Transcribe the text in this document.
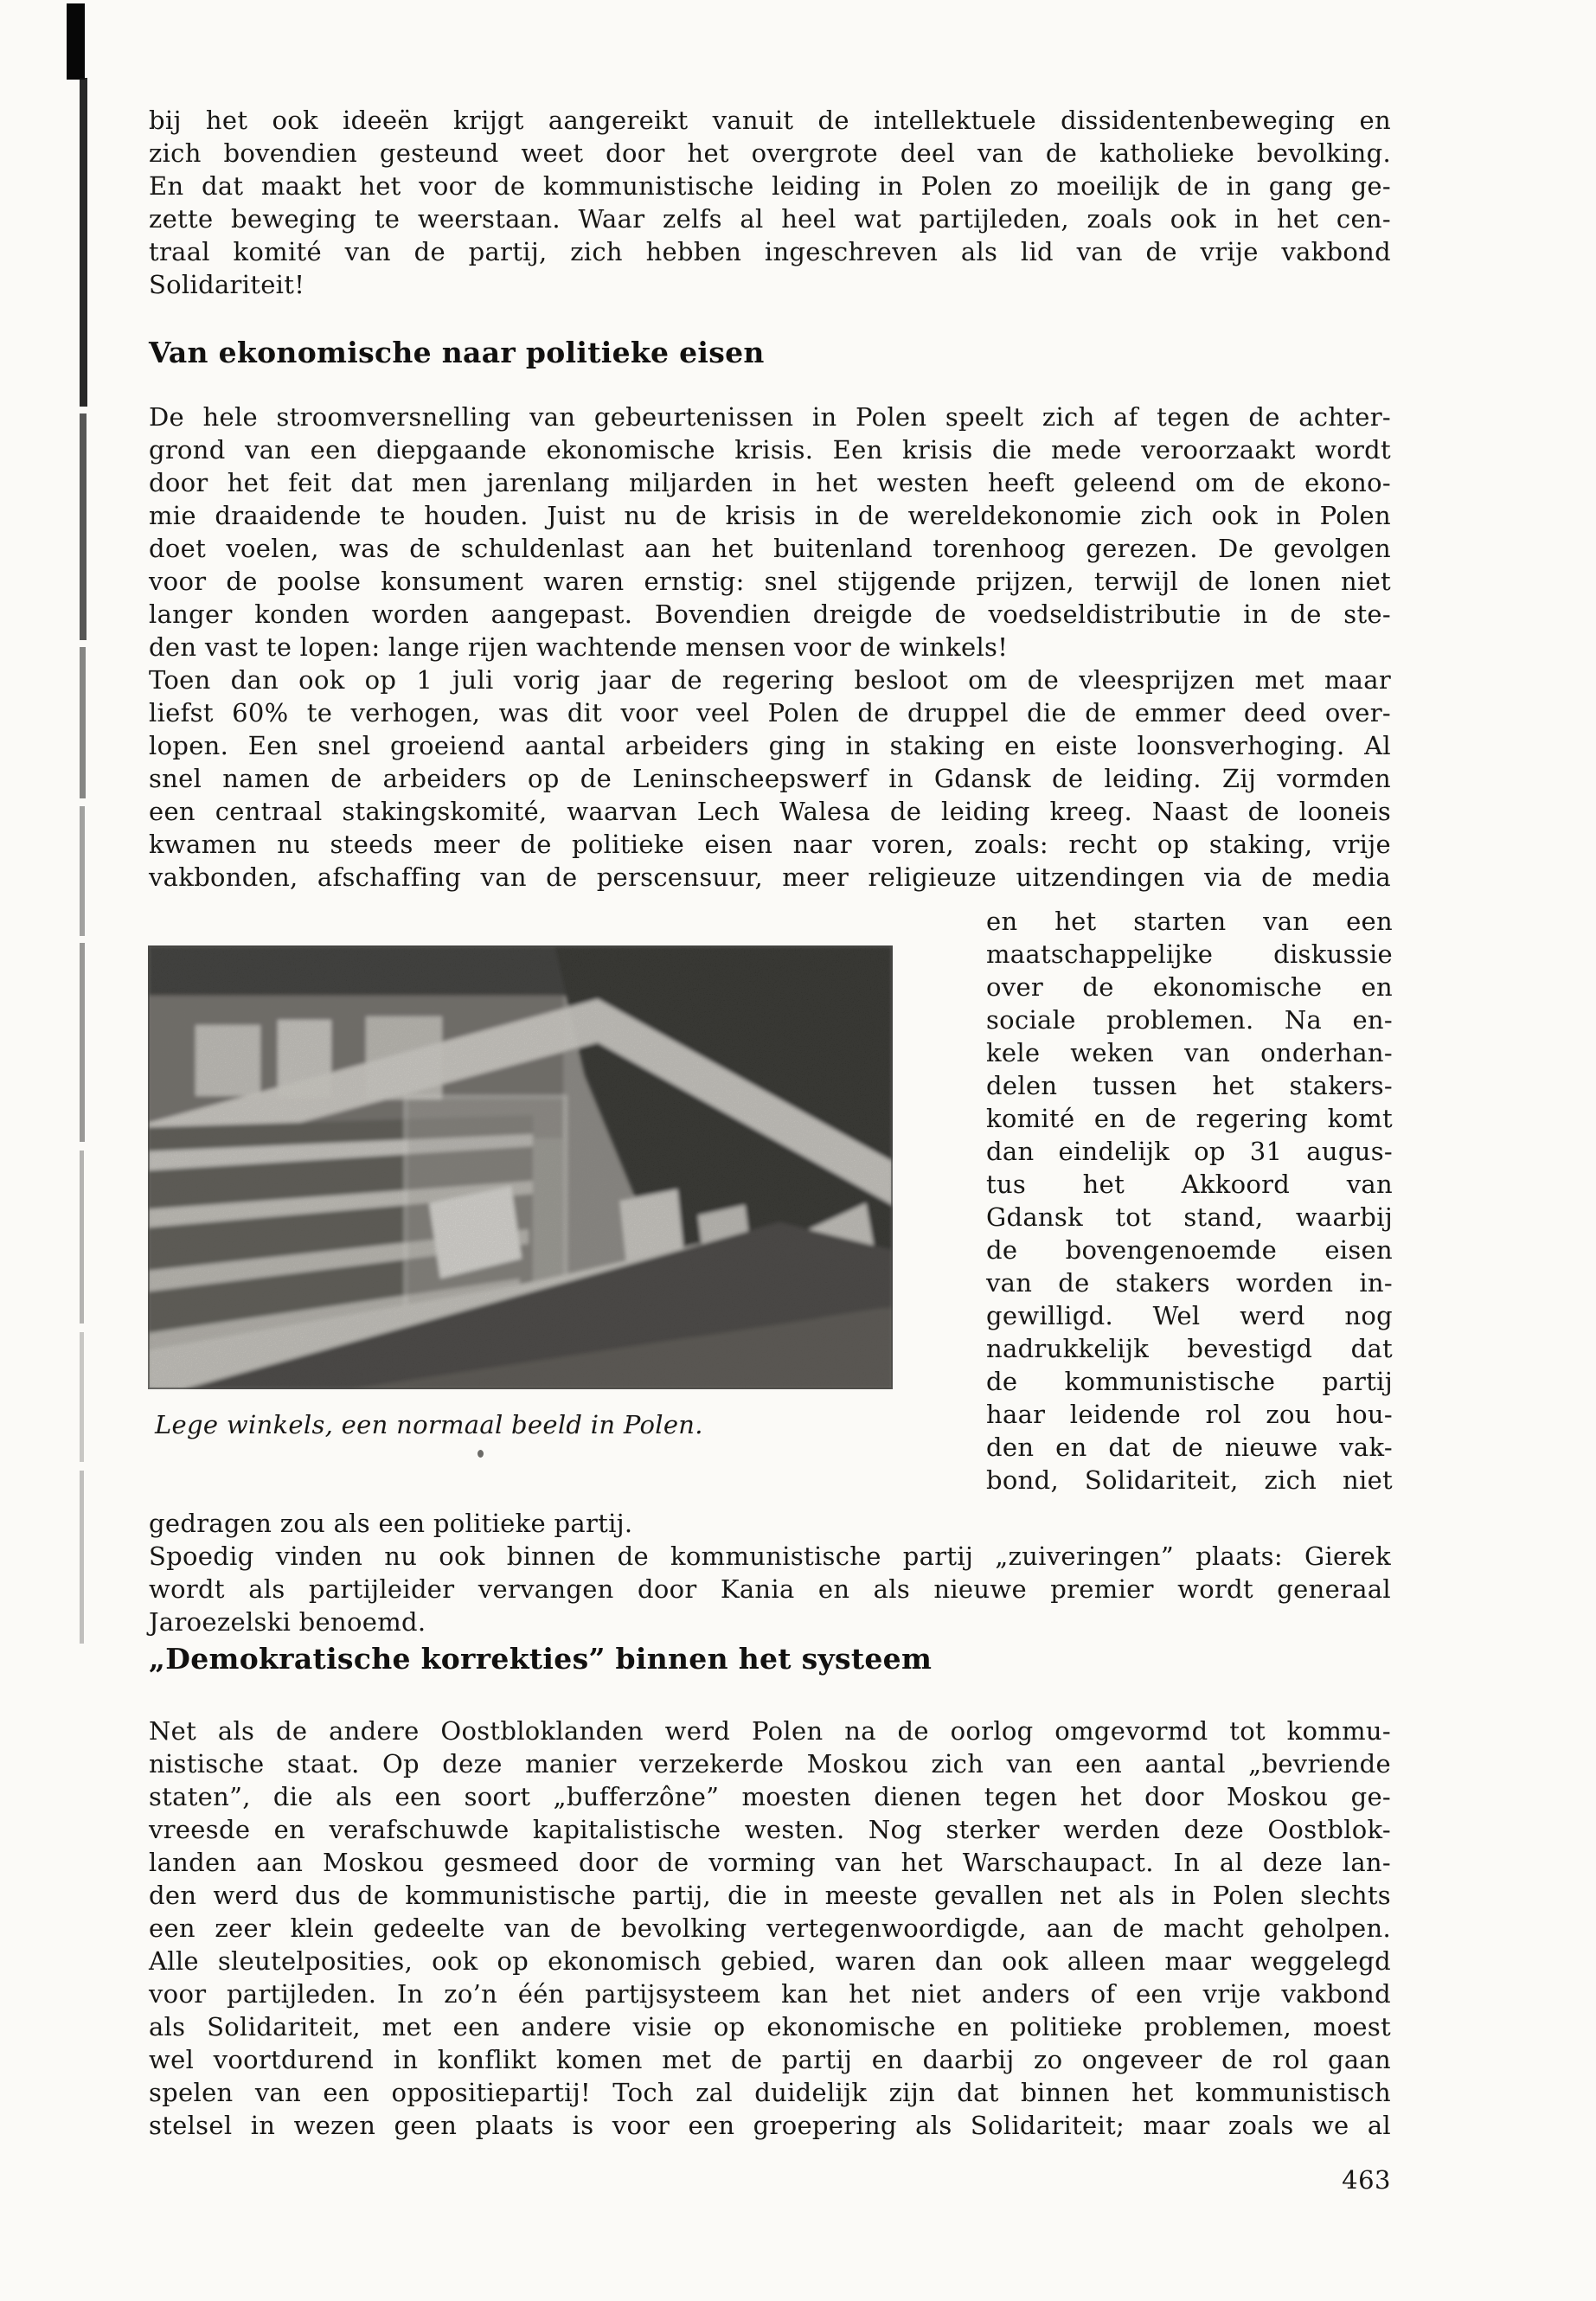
bij het ook ideeën krijgt aangereikt vanuit de intellektuele dissidentenbeweging en
zich bovendien gesteund weet door het overgrote deel van de katholieke bevolking.
En dat maakt het voor de kommunistische leiding in Polen zo moeilijk de in gang ge-
zette beweging te weerstaan. Waar zelfs al heel wat partijleden, zoals ook in het cen-
traal komité van de partij, zich hebben ingeschreven als lid van de vrije vakbond
Solidariteit!
Van ekonomische naar politieke eisen
De hele stroomversnelling van gebeurtenissen in Polen speelt zich af tegen de achter-
grond van een diepgaande ekonomische krisis. Een krisis die mede veroorzaakt wordt
door het feit dat men jarenlang miljarden in het westen heeft geleend om de ekono-
mie draaidende te houden. Juist nu de krisis in de wereldekonomie zich ook in Polen
doet voelen, was de schuldenlast aan het buitenland torenhoog gerezen. De gevolgen
voor de poolse konsument waren ernstig: snel stijgende prijzen, terwijl de lonen niet
langer konden worden aangepast. Bovendien dreigde de voedseldistributie in de ste-
den vast te lopen: lange rijen wachtende mensen voor de winkels!
Toen dan ook op 1 juli vorig jaar de regering besloot om de vleesprijzen met maar
liefst 60% te verhogen, was dit voor veel Polen de druppel die de emmer deed over-
lopen. Een snel groeiend aantal arbeiders ging in staking en eiste loonsverhoging. Al
snel namen de arbeiders op de Leninscheepswerf in Gdansk de leiding. Zij vormden
een centraal stakingskomité, waarvan Lech Walesa de leiding kreeg. Naast de looneis
kwamen nu steeds meer de politieke eisen naar voren, zoals: recht op staking, vrije
vakbonden, afschaffing van de perscensuur, meer religieuze uitzendingen via de media
en het starten van een
maatschappelijke diskussie
over de ekonomische en
sociale problemen. Na en-
kele weken van onderhan-
delen tussen het stakers-
komité en de regering komt
dan eindelijk op 31 augus-
tus het Akkoord van
Gdansk tot stand, waarbij
de bovengenoemde eisen
van de stakers worden in-
gewilligd. Wel werd nog
nadrukkelijk bevestigd dat
de kommunistische partij
haar leidende rol zou hou-
den en dat de nieuwe vak-
bond, Solidariteit, zich niet
Lege winkels, een normaal beeld in Polen.
gedragen zou als een politieke partij.
Spoedig vinden nu ook binnen de kommunistische partij „zuiveringen” plaats: Gierek
wordt als partijleider vervangen door Kania en als nieuwe premier wordt generaal
Jaroezelski benoemd.
„Demokratische korrekties” binnen het systeem
Net als de andere Oostbloklanden werd Polen na de oorlog omgevormd tot kommu-
nistische staat. Op deze manier verzekerde Moskou zich van een aantal „bevriende
staten”, die als een soort „bufferzône” moesten dienen tegen het door Moskou ge-
vreesde en verafschuwde kapitalistische westen. Nog sterker werden deze Oostblok-
landen aan Moskou gesmeed door de vorming van het Warschaupact. In al deze lan-
den werd dus de kommunistische partij, die in meeste gevallen net als in Polen slechts
een zeer klein gedeelte van de bevolking vertegenwoordigde, aan de macht geholpen.
Alle sleutelposities, ook op ekonomisch gebied, waren dan ook alleen maar weggelegd
voor partijleden. In zo’n één partijsysteem kan het niet anders of een vrije vakbond
als Solidariteit, met een andere visie op ekonomische en politieke problemen, moest
wel voortdurend in konflikt komen met de partij en daarbij zo ongeveer de rol gaan
spelen van een oppositiepartij! Toch zal duidelijk zijn dat binnen het kommunistisch
stelsel in wezen geen plaats is voor een groepering als Solidariteit; maar zoals we al
463
